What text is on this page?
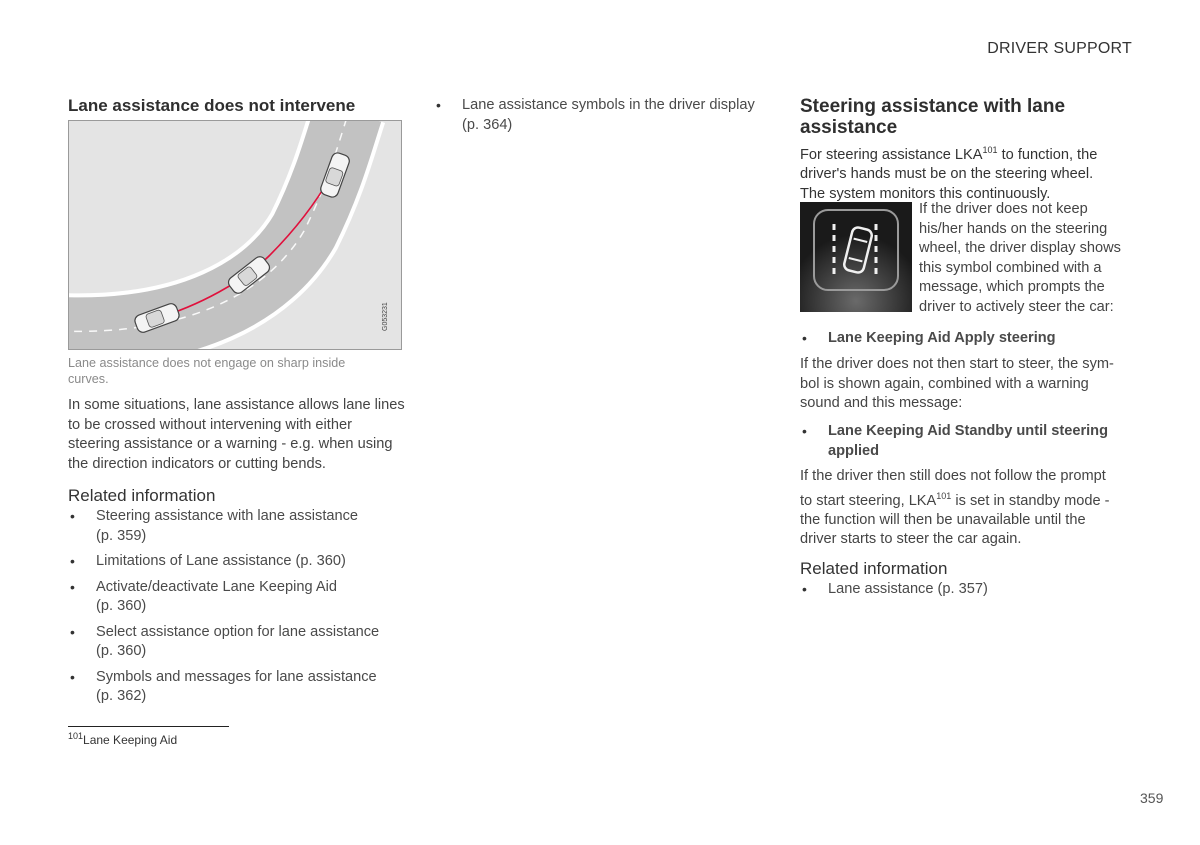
DRIVER SUPPORT
Lane assistance does not intervene
G053231

Lane assistance does not engage on sharp inside curves.

In some situations, lane assistance allows lane lines to be crossed without intervening with either steering assistance or a warning - e.g. when using the direction indicators or cutting bends.

Related information
• Steering assistance with lane assistance
(p. 359)
• Limitations of Lane assistance (p. 360)
• Activate/deactivate Lane Keeping Aid
(p. 360)
• Select assistance option for lane assistance
(p. 360)
• Symbols and messages for lane assistance
(p. 362)
$^{101}$Lane Keeping Aid
• Lane assistance symbols in the driver display
(p. 364)
Steering assistance with lane
assistance

For steering assistance LKA$^{101}$ to function, the
driver's hands must be on the steering wheel.
The system monitors this continuously.

If the driver does not keep
his/her hands on the steering
wheel, the driver display shows
this symbol combined with a
message, which prompts the
driver to actively steer the car:

• Lane Keeping Aid Apply steering

If the driver does not then start to steer, the sym-
bol is shown again, combined with a warning
sound and this message:

• Lane Keeping Aid Standby until steering
applied

If the driver then still does not follow the prompt
to start steering, LKA$^{101}$ is set in standby mode -
the function will then be unavailable until the
driver starts to steer the car again.

Related information
• Lane assistance (p. 357)
359
